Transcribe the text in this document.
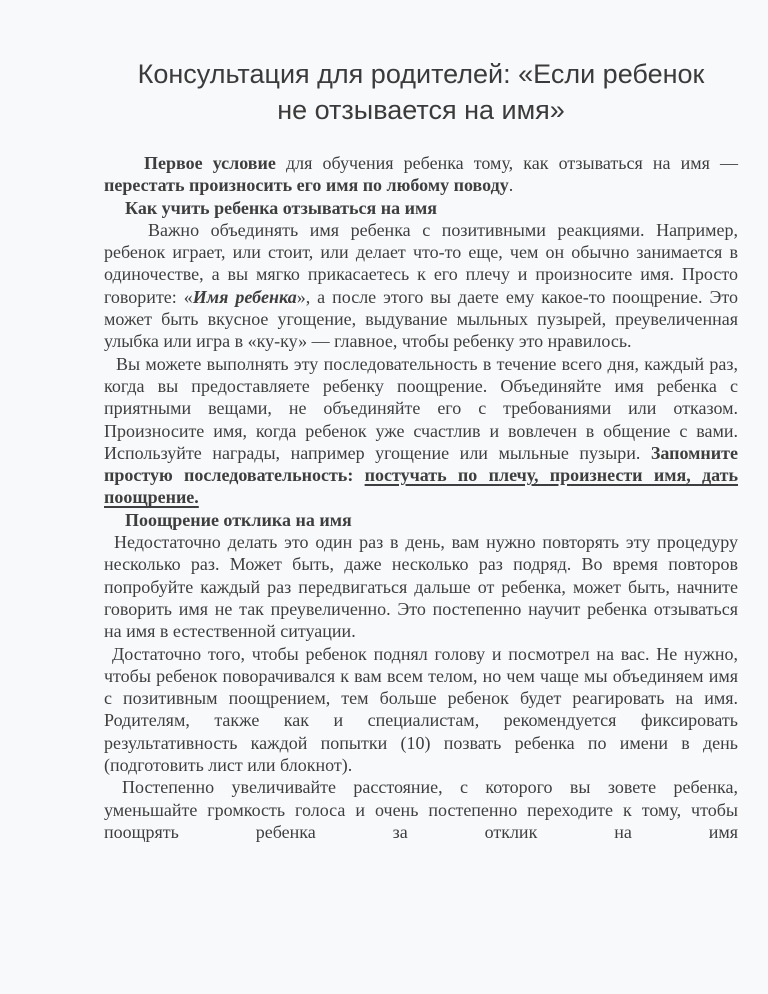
Консультация для родителей: «Если ребенок
не отзывается на имя»

Первое условие для обучения ребенка тому, как отзываться на имя — перестать произносить его имя по любому поводу.

Как учить ребенка отзываться на имя

Важно объединять имя ребенка с позитивными реакциями. Например, ребенок играет, или стоит, или делает что-то еще, чем он обычно занимается в одиночестве, а вы мягко прикасаетесь к его плечу и произносите имя. Просто говорите: «Имя ребенка», а после этого вы даете ему какое-то поощрение. Это может быть вкусное угощение, выдувание мыльных пузырей, преувеличенная улыбка или игра в «ку-ку» — главное, чтобы ребенку это нравилось.

Вы можете выполнять эту последовательность в течение всего дня, каждый раз, когда вы предоставляете ребенку поощрение. Объединяйте имя ребенка с приятными вещами, не объединяйте его с требованиями или отказом. Произносите имя, когда ребенок уже счастлив и вовлечен в общение с вами. Используйте награды, например угощение или мыльные пузыри. Запомните простую последовательность: постучать по плечу, произнести имя, дать поощрение.

Поощрение отклика на имя

Недостаточно делать это один раз в день, вам нужно повторять эту процедуру несколько раз. Может быть, даже несколько раз подряд. Во время повторов попробуйте каждый раз передвигаться дальше от ребенка, может быть, начните говорить имя не так преувеличенно. Это постепенно научит ребенка отзываться на имя в естественной ситуации.

Достаточно того, чтобы ребенок поднял голову и посмотрел на вас. Не нужно, чтобы ребенок поворачивался к вам всем телом, но чем чаще мы объединяем имя с позитивным поощрением, тем больше ребенок будет реагировать на имя. Родителям, также как и специалистам, рекомендуется фиксировать результативность каждой попытки (10) позвать ребенка по имени в день (подготовить лист или блокнот).

Постепенно увеличивайте расстояние, с которого вы зовете ребенка, уменьшайте громкость голоса и очень постепенно переходите к тому, чтобы поощрять ребенка за отклик на имя
